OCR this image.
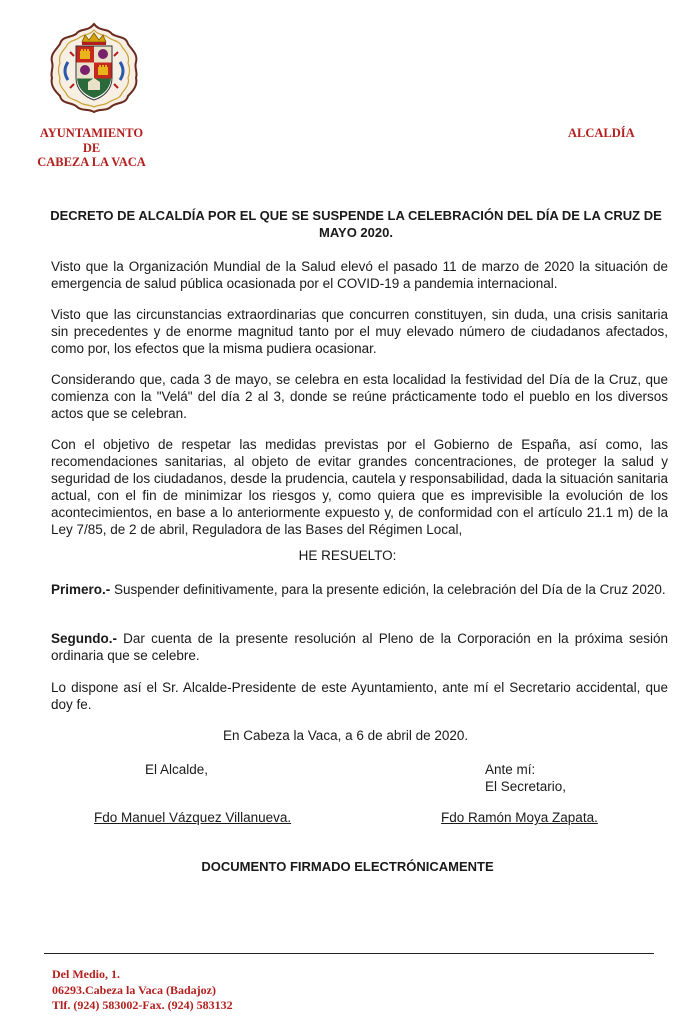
AYUNTAMIENTO
DE
CABEZA LA VACA
ALCALDÍA
DECRETO DE ALCALDÍA POR EL QUE SE SUSPENDE LA CELEBRACIÓN DEL DÍA DE LA CRUZ DE MAYO 2020.
Visto que la Organización Mundial de la Salud elevó el pasado 11 de marzo de 2020 la situación de emergencia de salud pública ocasionada por el COVID-19 a pandemia internacional.
Visto que las circunstancias extraordinarias que concurren constituyen, sin duda, una crisis sanitaria sin precedentes y de enorme magnitud tanto por el muy elevado número de ciudadanos afectados, como por, los efectos que la misma pudiera ocasionar.
Considerando que, cada 3 de mayo, se celebra en esta localidad la festividad del Día de la Cruz, que comienza con la "Velá" del día 2 al 3, donde se reúne prácticamente todo el pueblo en los diversos actos que se celebran.
Con el objetivo de respetar las medidas previstas por el Gobierno de España, así como, las recomendaciones sanitarias, al objeto de evitar grandes concentraciones, de proteger la salud y seguridad de los ciudadanos, desde la prudencia, cautela y responsabilidad, dada la situación sanitaria actual, con el fin de minimizar los riesgos y, como quiera que es imprevisible la evolución de los acontecimientos, en base a lo anteriormente expuesto y, de conformidad con el artículo 21.1 m) de la Ley 7/85, de 2 de abril, Reguladora de las Bases del Régimen Local,
HE RESUELTO:
Primero.- Suspender definitivamente, para la presente edición, la celebración del Día de la Cruz 2020.
Segundo.- Dar cuenta de la presente resolución al Pleno de la Corporación en la próxima sesión ordinaria que se celebre.
Lo dispone así el Sr. Alcalde-Presidente de este Ayuntamiento, ante mí el Secretario accidental, que doy fe.
En Cabeza la Vaca, a 6 de abril de 2020.
El Alcalde,	Ante mí:
El Secretario,
Fdo Manuel Vázquez Villanueva.	Fdo Ramón Moya Zapata.
DOCUMENTO FIRMADO ELECTRÓNICAMENTE
Del Medio, 1.
06293.Cabeza la Vaca (Badajoz)
Tlf. (924) 583002-Fax. (924) 583132
